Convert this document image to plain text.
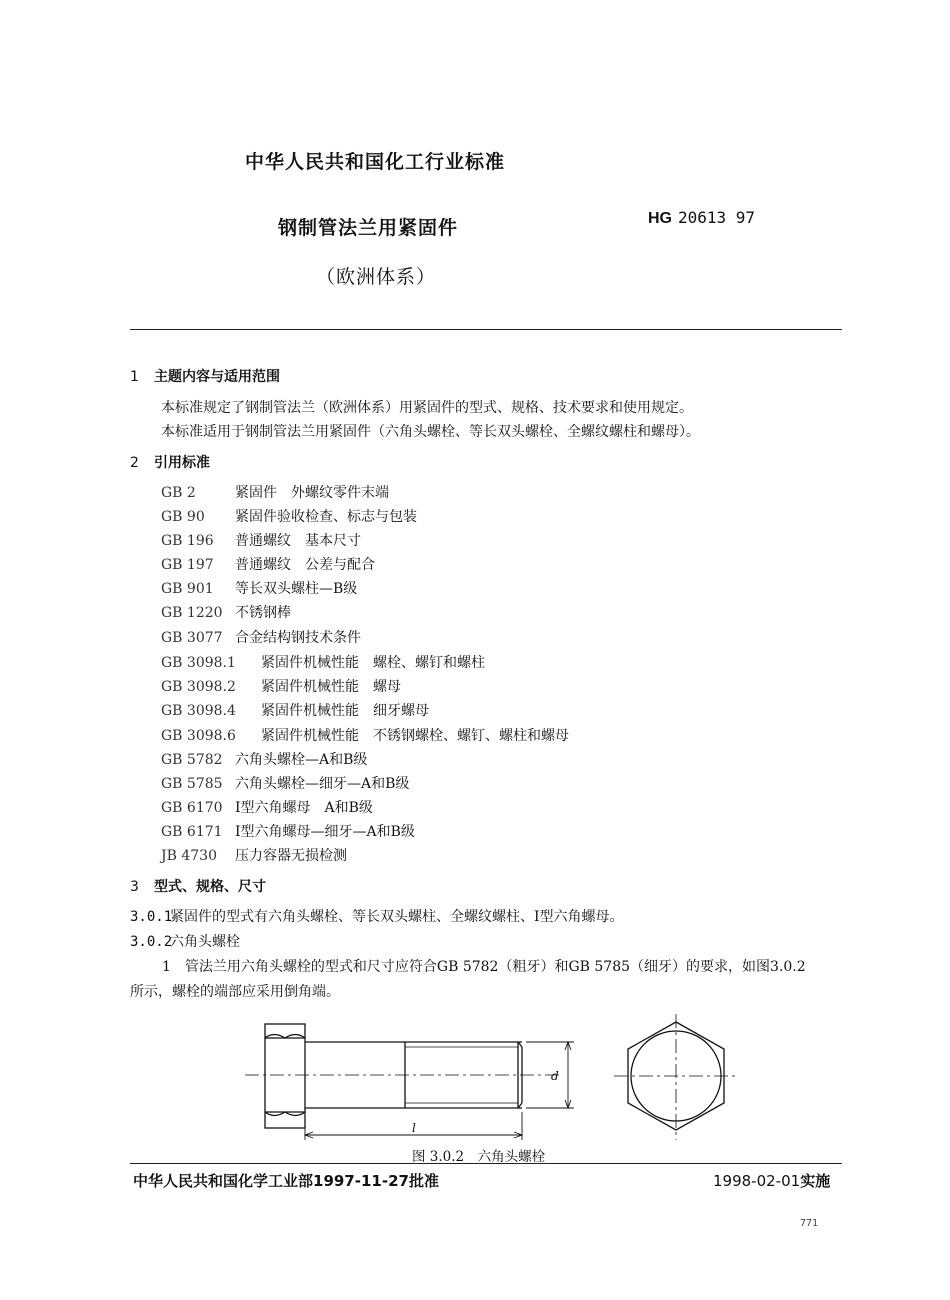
中华人民共和国化工行业标准
钢制管法兰用紧固件
（欧洲体系）
HG 20613 97
1 主题内容与适用范围
本标准规定了钢制管法兰（欧洲体系）用紧固件的型式、规格、技术要求和使用规定。
本标准适用于钢制管法兰用紧固件（六角头螺栓、等长双头螺栓、全螺纹螺柱和螺母）。
2 引用标准
GB 2	紧固件　外螺纹零件末端
GB 90 紧固件验收检查、标志与包装
GB 196 普通螺纹　基本尺寸
GB 197 普通螺纹　公差与配合
GB 901 等长双头螺柱—B级
GB 1220 不锈钢棒
GB 3077 合金结构钢技术条件
GB 3098.1 紧固件机械性能　螺栓、螺钉和螺柱
GB 3098.2 紧固件机械性能　螺母
GB 3098.4 紧固件机械性能　细牙螺母
GB 3098.6 紧固件机械性能　不锈钢螺栓、螺钉、螺柱和螺母
GB 5782 六角头螺栓—A和B级
GB 5785 六角头螺栓—细牙—A和B级
GB 6170 I型六角螺母　A和B级
GB 6171 I型六角螺母—细牙—A和B级
JB 4730 压力容器无损检测
3 型式、规格、尺寸
3.0.1紧固件的型式有六角头螺栓、等长双头螺柱、全螺纹螺柱、I型六角螺母。
3.0.2六角头螺栓
1　管法兰用六角头螺栓的型式和尺寸应符合GB 5782（粗牙）和GB 5785（细牙）的要求，如图3.0.2
所示，螺栓的端部应采用倒角端。
d
l
图 3.0.2　六角头螺栓
中华人民共和国化学工业部1997-11-27批准	1998-02-01实施
771
